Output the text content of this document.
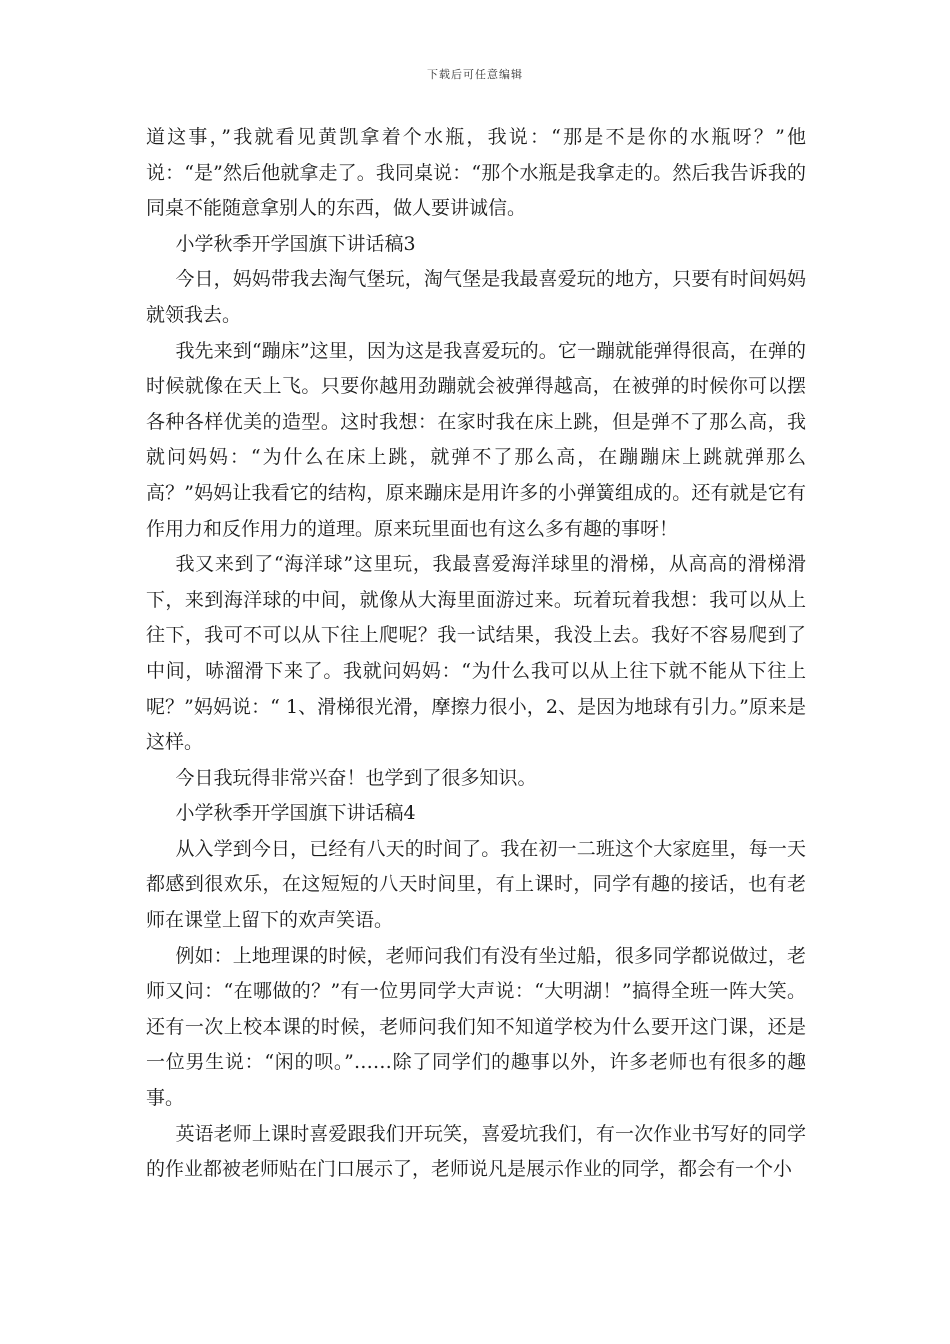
下载后可任意编辑

道这事，”我就看见黄凯拿着个水瓶，我说：“那是不是你的水瓶呀？”他说：“是”然后他就拿走了。我同桌说：“那个水瓶是我拿走的。然后我告诉我的同桌不能随意拿别人的东西，做人要讲诚信。

小学秋季开学国旗下讲话稿3

今日，妈妈带我去淘气堡玩，淘气堡是我最喜爱玩的地方，只要有时间妈妈就领我去。

我先来到“蹦床”这里，因为这是我喜爱玩的。它一蹦就能弹得很高，在弹的时候就像在天上飞。只要你越用劲蹦就会被弹得越高，在被弹的时候你可以摆各种各样优美的造型。这时我想：在家时我在床上跳，但是弹不了那么高，我就问妈妈：“为什么在床上跳，就弹不了那么高，在蹦蹦床上跳就弹那么高？”妈妈让我看它的结构，原来蹦床是用许多的小弹簧组成的。还有就是它有作用力和反作用力的道理。原来玩里面也有这么多有趣的事呀！

我又来到了“海洋球”这里玩，我最喜爱海洋球里的滑梯，从高高的滑梯滑下，来到海洋球的中间，就像从大海里面游过来。玩着玩着我想：我可以从上往下，我可不可以从下往上爬呢？我一试结果，我没上去。我好不容易爬到了中间，哧溜滑下来了。我就问妈妈：“为什么我可以从上往下就不能从下往上呢？”妈妈说：“ 1、滑梯很光滑，摩擦力很小，2、是因为地球有引力。”原来是这样。

今日我玩得非常兴奋！也学到了很多知识。

小学秋季开学国旗下讲话稿4

从入学到今日，已经有八天的时间了。我在初一二班这个大家庭里，每一天都感到很欢乐，在这短短的八天时间里，有上课时，同学有趣的接话，也有老师在课堂上留下的欢声笑语。

例如：上地理课的时候，老师问我们有没有坐过船，很多同学都说做过，老师又问：“在哪做的？”有一位男同学大声说：“大明湖！”搞得全班一阵大笑。还有一次上校本课的时候，老师问我们知不知道学校为什么要开这门课，还是一位男生说：“闲的呗。”……除了同学们的趣事以外，许多老师也有很多的趣事。

英语老师上课时喜爱跟我们开玩笑，喜爱坑我们，有一次作业书写好的同学的作业都被老师贴在门口展示了，老师说凡是展示作业的同学，都会有一个小
